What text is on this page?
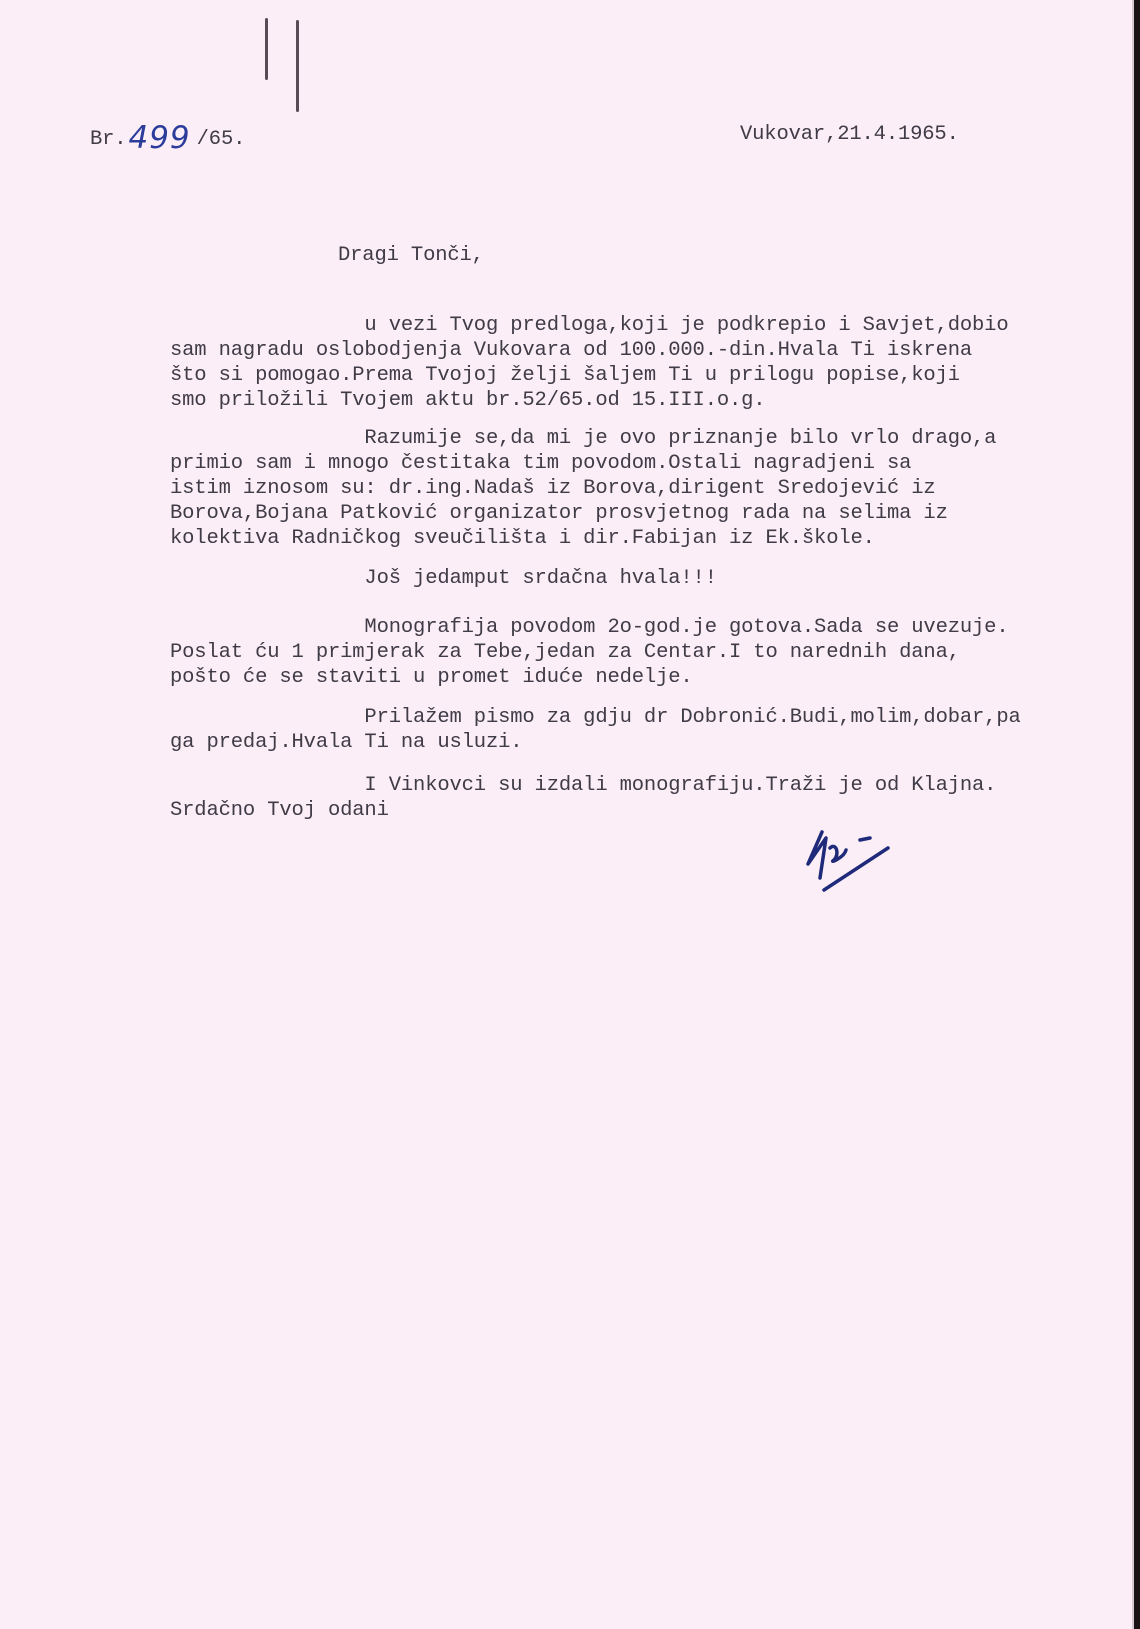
Br.499 /65.	Vukovar,21.4.1965.

Dragi Tonči,

u vezi Tvog predloga,koji je podkrepio i Savjet,dobio
sam nagradu oslobodjenja Vukovara od 100.000.-din.Hvala Ti iskrena
što si pomogao.Prema Tvojoj želji šaljem Ti u prilogu popise,koji
smo priložili Tvojem aktu br.52/65.od 15.III.o.g.
Razumije se,da mi je ovo priznanje bilo vrlo drago,a
primio sam i mnogo čestitaka tim povodom.Ostali nagradjeni sa
istim iznosom su: dr.ing.Nadaš iz Borova,dirigent Sredojević iz
Borova,Bojana Patković organizator prosvjetnog rada na selima iz
kolektiva Radničkog sveučilišta i dir.Fabijan iz Ek.škole.
Još jedamput srdačna hvala!!!
Monografija povodom 2o-god.je gotova.Sada se uvezuje.
Poslat ću 1 primjerak za Tebe,jedan za Centar.I to narednih dana,
pošto će se staviti u promet iduće nedelje.
Prilažem pismo za gdju dr Dobronić.Budi,molim,dobar,pa
ga predaj.Hvala Ti na usluzi.
I Vinkovci su izdali monografiju.Traži je od Klajna.
Srdačno Tvoj odani
